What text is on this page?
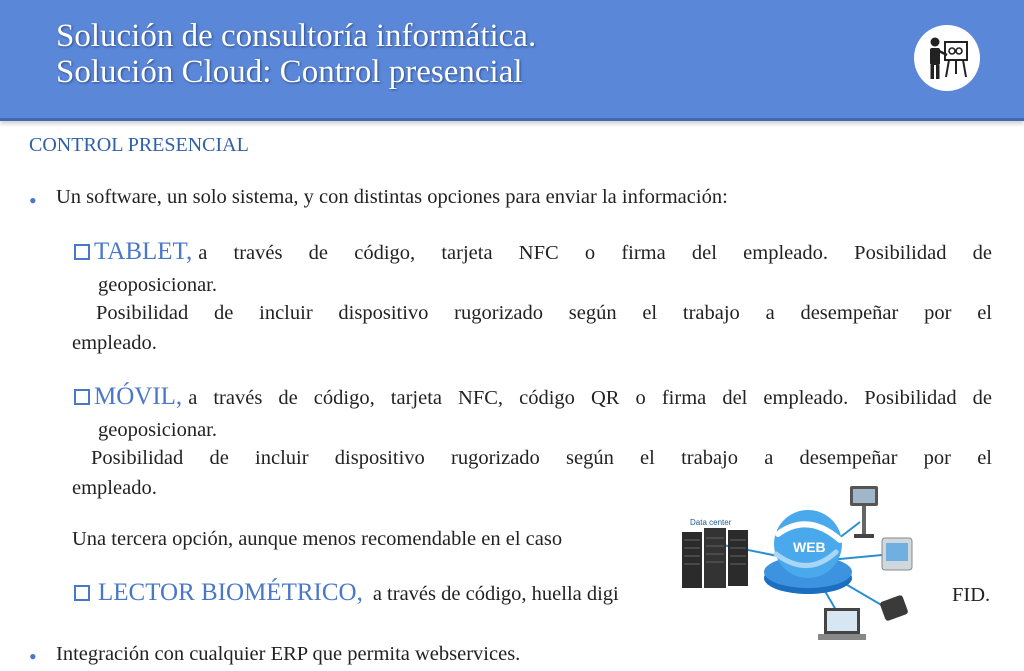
Solución de consultoría informática.
Solución Cloud: Control presencial
CONTROL PRESENCIAL
• Un software, un solo sistema, y con distintas opciones para enviar la información:
TABLET, a través de código, tarjeta NFC o firma del empleado. Posibilidad de
geoposicionar.
Posibilidad de incluir dispositivo rugorizado según el trabajo a desempeñar por el
empleado.
MÓVIL, a través de código, tarjeta NFC, código QR o firma del empleado. Posibilidad de
geoposicionar.
Posibilidad de incluir dispositivo rugorizado según el trabajo a desempeñar por el
empleado.
Una tercera opción, aunque menos recomendable en el caso
LECTOR BIOMÉTRICO, a través de código, huella digi	FID.
• Integración con cualquier ERP que permita webservices.
Data center
WEB
